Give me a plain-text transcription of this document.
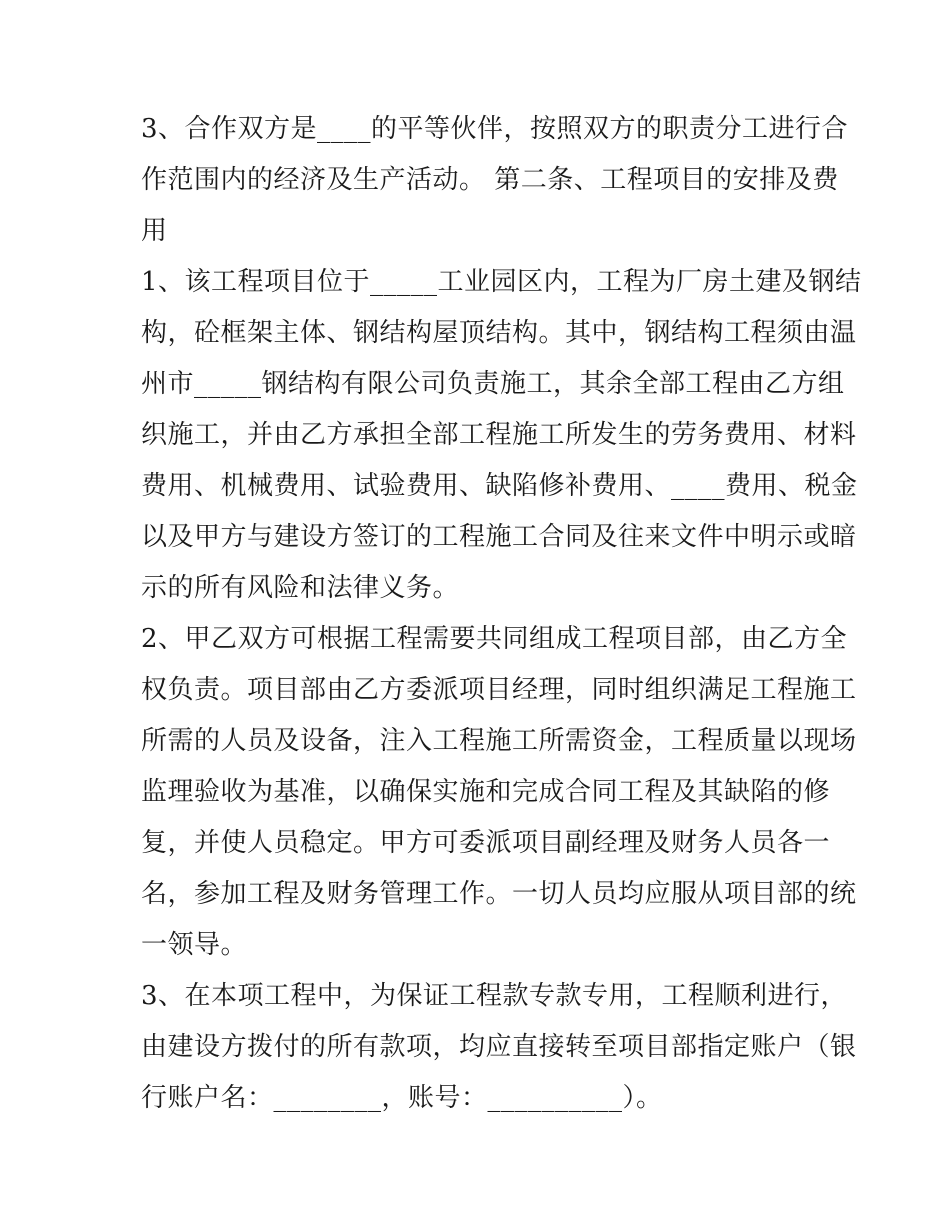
3、合作双方是____的平等伙伴，按照双方的职责分工进行合
作范围内的经济及生产活动。 第二条、工程项目的安排及费
用
1、该工程项目位于_____工业园区内，工程为厂房土建及钢结
构，砼框架主体、钢结构屋顶结构。其中，钢结构工程须由温
州市_____钢结构有限公司负责施工，其余全部工程由乙方组
织施工，并由乙方承担全部工程施工所发生的劳务费用、材料
费用、机械费用、试验费用、缺陷修补费用、____费用、税金
以及甲方与建设方签订的工程施工合同及往来文件中明示或暗
示的所有风险和法律义务。
2、甲乙双方可根据工程需要共同组成工程项目部，由乙方全
权负责。项目部由乙方委派项目经理，同时组织满足工程施工
所需的人员及设备，注入工程施工所需资金，工程质量以现场
监理验收为基准，以确保实施和完成合同工程及其缺陷的修
复，并使人员稳定。甲方可委派项目副经理及财务人员各一
名，参加工程及财务管理工作。一切人员均应服从项目部的统
一领导。
3、在本项工程中，为保证工程款专款专用，工程顺利进行，
由建设方拨付的所有款项，均应直接转至项目部指定账户（银
行账户名：________，账号：__________）。
